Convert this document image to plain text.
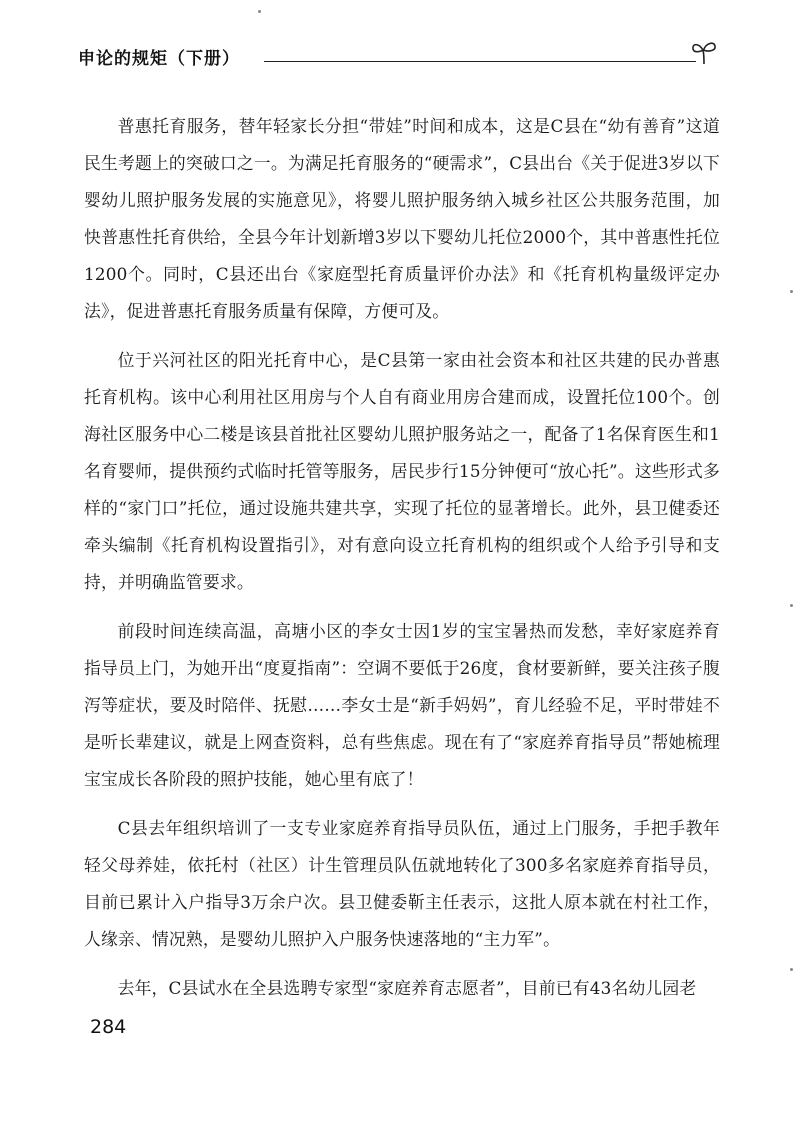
申论的规矩（下册）

普惠托育服务，替年轻家长分担“带娃”时间和成本，这是C县在“幼有善育”这道民生考题上的突破口之一。为满足托育服务的“硬需求”，C县出台《关于促进3岁以下婴幼儿照护服务发展的实施意见》，将婴儿照护服务纳入城乡社区公共服务范围，加快普惠性托育供给，全县今年计划新增3岁以下婴幼儿托位2000个，其中普惠性托位1200个。同时，C县还出台《家庭型托育质量评价办法》和《托育机构量级评定办法》，促进普惠托育服务质量有保障，方便可及。

位于兴河社区的阳光托育中心，是C县第一家由社会资本和社区共建的民办普惠托育机构。该中心利用社区用房与个人自有商业用房合建而成，设置托位100个。创海社区服务中心二楼是该县首批社区婴幼儿照护服务站之一，配备了1名保育医生和1名育婴师，提供预约式临时托管等服务，居民步行15分钟便可“放心托”。这些形式多样的“家门口”托位，通过设施共建共享，实现了托位的显著增长。此外，县卫健委还牵头编制《托育机构设置指引》，对有意向设立托育机构的组织或个人给予引导和支持，并明确监管要求。

前段时间连续高温，高塘小区的李女士因1岁的宝宝暑热而发愁，幸好家庭养育指导员上门，为她开出“度夏指南”：空调不要低于26度，食材要新鲜，要关注孩子腹泻等症状，要及时陪伴、抚慰……李女士是“新手妈妈”，育儿经验不足，平时带娃不是听长辈建议，就是上网查资料，总有些焦虑。现在有了“家庭养育指导员”帮她梳理宝宝成长各阶段的照护技能，她心里有底了！

C县去年组织培训了一支专业家庭养育指导员队伍，通过上门服务，手把手教年轻父母养娃，依托村（社区）计生管理员队伍就地转化了300多名家庭养育指导员，目前已累计入户指导3万余户次。县卫健委靳主任表示，这批人原本就在村社工作，人缘亲、情况熟，是婴幼儿照护入户服务快速落地的“主力军”。

去年，C县试水在全县选聘专家型“家庭养育志愿者”，目前已有43名幼儿园老

284
